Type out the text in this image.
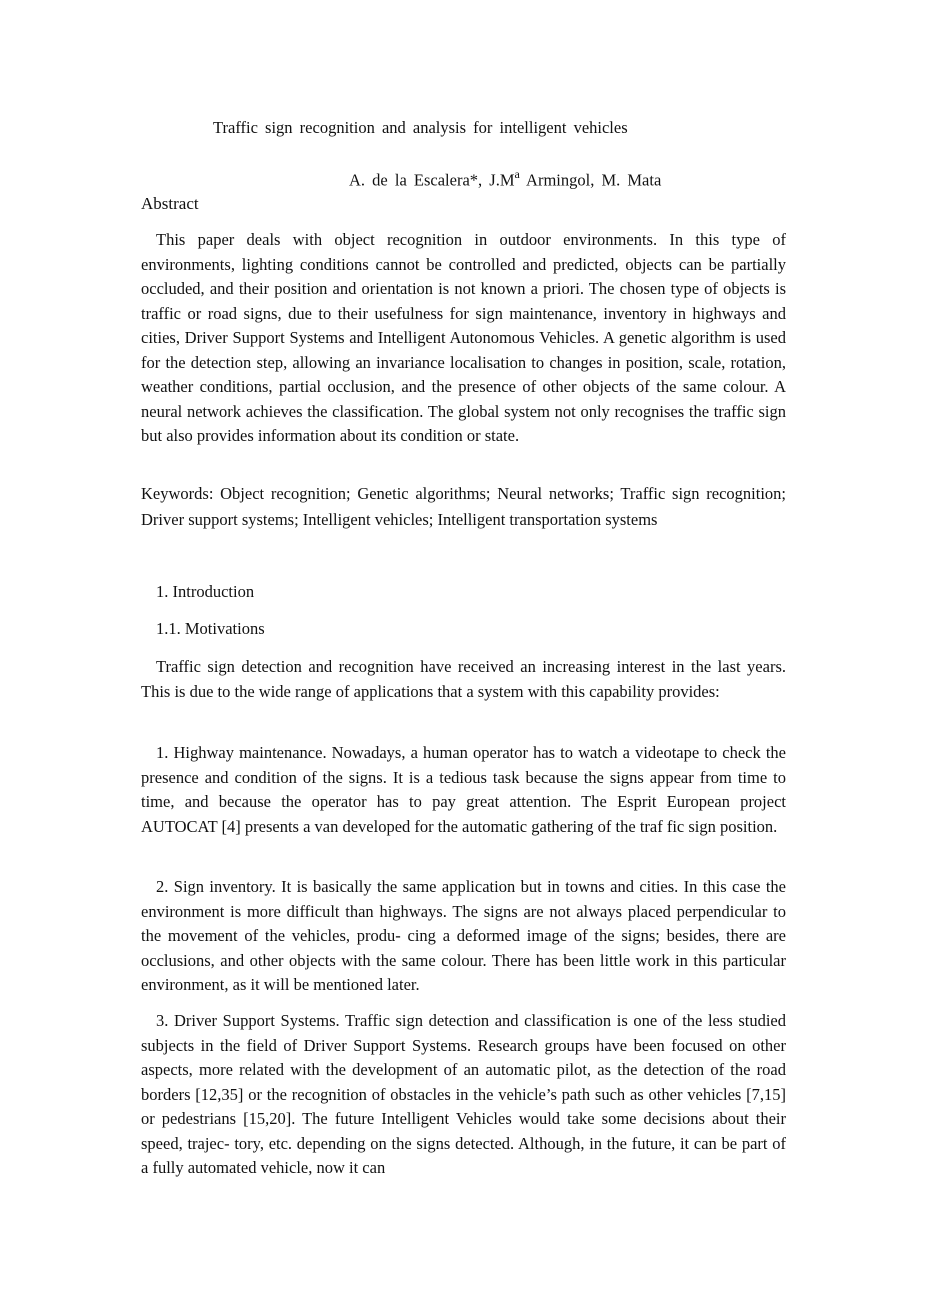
Traffic sign recognition and analysis for intelligent vehicles
A. de la Escalera*, $J.M^a$ Armingol, M. Mata
Abstract

This paper deals with object recognition in outdoor environments. In this type of environments, lighting conditions cannot be controlled and predicted, objects can be partially occluded, and their position and orientation is not known a priori. The chosen type of objects is traffic or road signs, due to their usefulness for sign maintenance, inventory in highways and cities, Driver Support Systems and Intelligent Autonomous Vehicles. A genetic algorithm is used for the detection step, allowing an invariance localisation to changes in position, scale, rotation, weather conditions, partial occlusion, and the presence of other objects of the same colour. A neural network achieves the classification. The global system not only recognises the traffic sign but also provides information about its condition or state.

Keywords: Object recognition; Genetic algorithms; Neural networks; Traffic sign recognition; Driver support systems; Intelligent vehicles; Intelligent transportation systems

1. Introduction
1.1. Motivations

Traffic sign detection and recognition have received an increasing interest in the last years. This is due to the wide range of applications that a system with this capability provides:

1. Highway maintenance. Nowadays, a human operator has to watch a videotape to check the presence and condition of the signs. It is a tedious task because the signs appear from time to time, and because the operator has to pay great attention. The Esprit European project AUTOCAT [4] presents a van developed for the automatic gathering of the traf fic sign position.

2. Sign inventory. It is basically the same application but in towns and cities. In this case the environment is more difficult than highways. The signs are not always placed perpendicular to the movement of the vehicles, produ- cing a deformed image of the signs; besides, there are occlusions, and other objects with the same colour. There has been little work in this particular environment, as it will be mentioned later.

3. Driver Support Systems. Traffic sign detection and classification is one of the less studied subjects in the field of Driver Support Systems. Research groups have been focused on other aspects, more related with the development of an automatic pilot, as the detection of the road borders [12,35] or the recognition of obstacles in the vehicle’s path such as other vehicles [7,15] or pedestrians [15,20]. The future Intelligent Vehicles would take some decisions about their speed, trajec- tory, etc. depending on the signs detected. Although, in the future, it can be part of a fully automated vehicle, now it can
